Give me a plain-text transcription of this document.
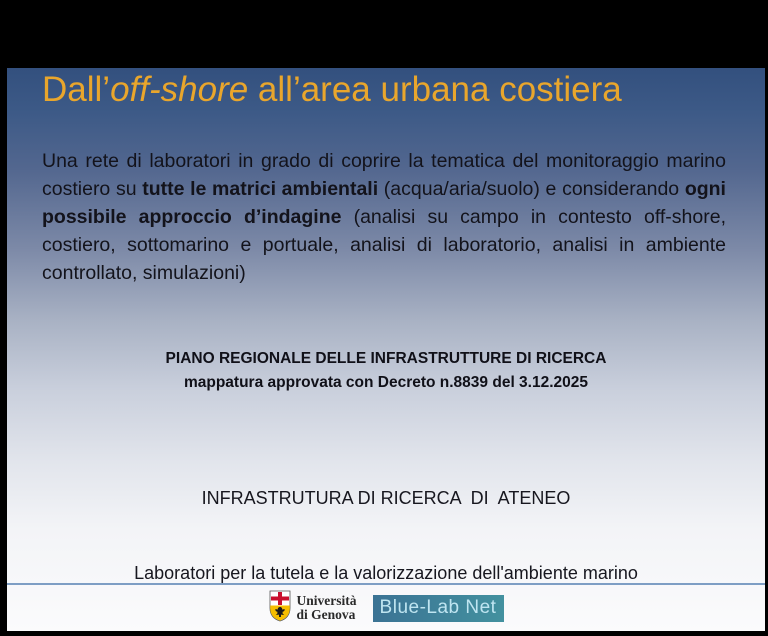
Dall’off-shore all’area urbana costiera
Una rete di laboratori in grado di coprire la tematica del monitoraggio marino costiero su tutte le matrici ambientali (acqua/aria/suolo) e considerando ogni possibile approccio d’indagine (analisi su campo in contesto off-shore, costiero, sottomarino e portuale, analisi di laboratorio, analisi in ambiente controllato, simulazioni)
PIANO REGIONALE DELLE INFRASTRUTTURE DI RICERCA
mappatura approvata con Decreto n.8839 del 3.12.2025

INFRASTRUTURA DI RICERCA  DI  ATENEO

Laboratori per la tutela e la valorizzazione dell'ambiente marino

Università
di Genova	Blue-Lab Net
